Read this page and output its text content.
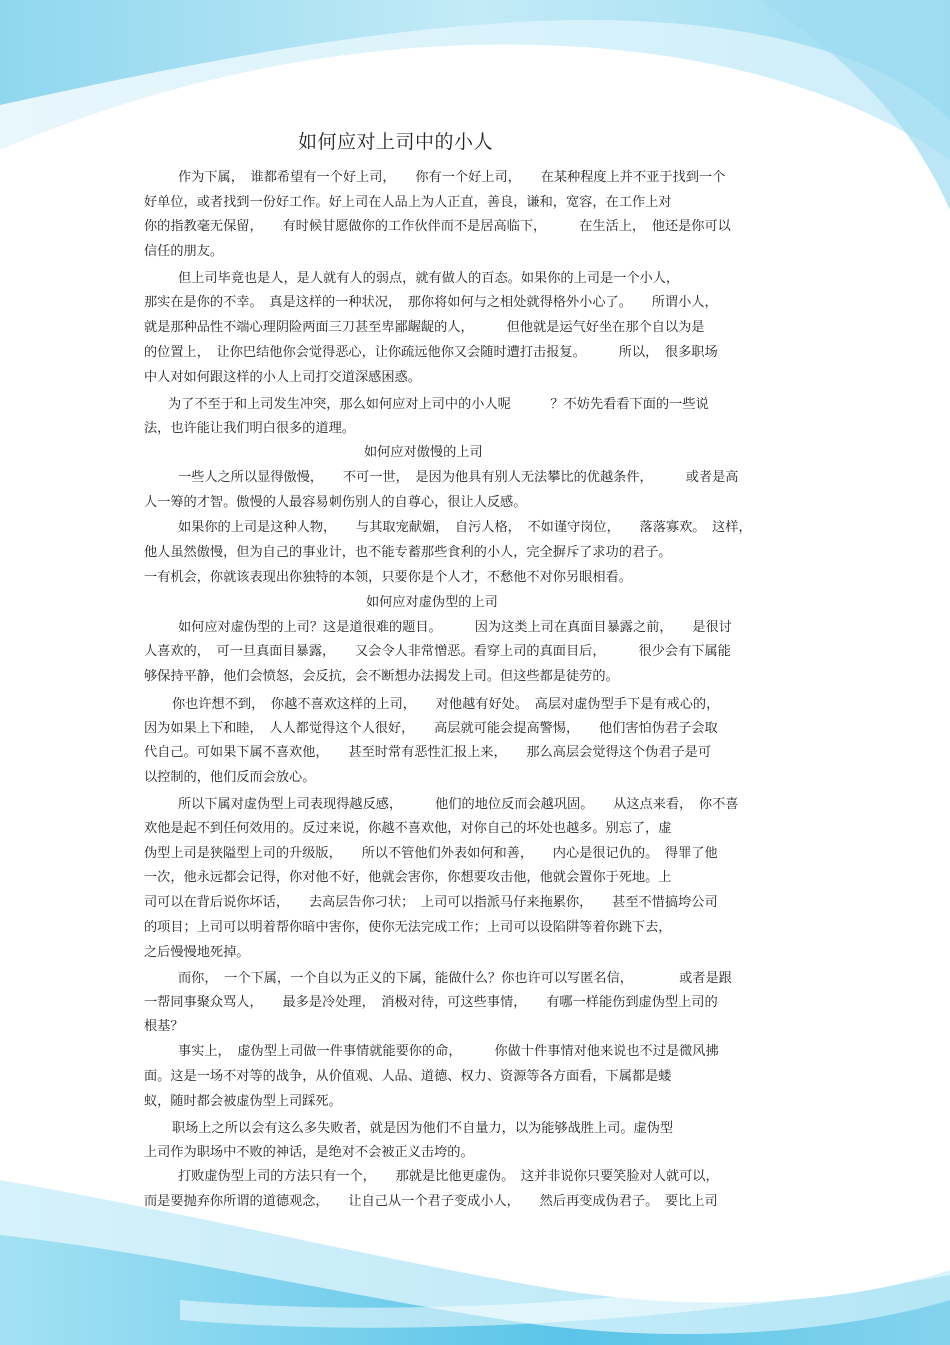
如何应对上司中的小人
作为下属，　谁都希望有一个好上司，　　你有一个好上司，　　在某种程度上并不亚于找到一个
好单位，或者找到一份好工作。好上司在人品上为人正直，善良，谦和，宽容，在工作上对
你的指教毫无保留，　　有时候甘愿做你的工作伙伴而不是居高临下，　　　在生活上，　他还是你可以
信任的朋友。
但上司毕竟也是人，是人就有人的弱点，就有做人的百态。如果你的上司是一个小人，
那实在是你的不幸。　真是这样的一种状况，　那你将如何与之相处就得格外小心了。　　所谓小人，
就是那种品性不端心理阴险两面三刀甚至卑鄙龌龊的人，　　　但他就是运气好坐在那个自以为是
的位置上，　让你巴结他你会觉得恶心，让你疏远他你又会随时遭打击报复。　　　所以，　很多职场
中人对如何跟这样的小人上司打交道深感困惑。
为了不至于和上司发生冲突，那么如何应对上司中的小人呢　　　？不妨先看看下面的一些说
法，也许能让我们明白很多的道理。
如何应对傲慢的上司
一些人之所以显得傲慢，　　不可一世，　是因为他具有别人无法攀比的优越条件，　　　或者是高
人一筹的才智。傲慢的人最容易刺伤别人的自尊心，很让人反感。
如果你的上司是这种人物，　　与其取宠献媚，　自污人格，　不如谨守岗位，　　落落寡欢。　这样，
他人虽然傲慢，但为自己的事业计，也不能专蓄那些食利的小人，完全摒斥了求功的君子。
一有机会，你就该表现出你独特的本领，只要你是个人才，不愁他不对你另眼相看。
如何应对虚伪型的上司
如何应对虚伪型的上司？这是道很难的题目。　　　因为这类上司在真面目暴露之前，　　是很讨
人喜欢的，　可一旦真面目暴露，　　又会令人非常憎恶。看穿上司的真面目后，　　　很少会有下属能
够保持平静，他们会愤怒，会反抗，会不断想办法揭发上司。但这些都是徒劳的。
你也许想不到，　你越不喜欢这样的上司，　　对他越有好处。　高层对虚伪型手下是有戒心的，
因为如果上下和睦，　人人都觉得这个人很好，　　高层就可能会提高警惕，　　他们害怕伪君子会取
代自己。可如果下属不喜欢他，　　甚至时常有恶性汇报上来，　　那么高层会觉得这个伪君子是可
以控制的，他们反而会放心。
所以下属对虚伪型上司表现得越反感，　　　他们的地位反而会越巩固。　　从这点来看，　你不喜
欢他是起不到任何效用的。反过来说，你越不喜欢他，对你自己的坏处也越多。别忘了，虚
伪型上司是狭隘型上司的升级版，　　所以不管他们外表如何和善，　　内心是很记仇的。　得罪了他
一次，他永远都会记得，你对他不好，他就会害你，你想要攻击他，他就会置你于死地。上
司可以在背后说你坏话，　　去高层告你刁状；　上司可以指派马仔来拖累你，　　甚至不惜搞垮公司
的项目；上司可以明着帮你暗中害你，使你无法完成工作；上司可以设陷阱等着你跳下去，
之后慢慢地死掉。
而你，　一个下属，一个自以为正义的下属，能做什么？你也许可以写匿名信，　　　　或者是跟
一帮同事聚众骂人，　　最多是冷处理，　消极对待，可这些事情，　　有哪一样能伤到虚伪型上司的
根基？
事实上，　虚伪型上司做一件事情就能要你的命，　　　你做十件事情对他来说也不过是微风拂
面。这是一场不对等的战争，从价值观、人品、道德、权力、资源等各方面看，下属都是蝼
蚁，随时都会被虚伪型上司踩死。
职场上之所以会有这么多失败者，就是因为他们不自量力，以为能够战胜上司。虚伪型
上司作为职场中不败的神话，是绝对不会被正义击垮的。
打败虚伪型上司的方法只有一个，　　那就是比他更虚伪。　这并非说你只要笑脸对人就可以，
而是要抛弃你所谓的道德观念，　　让自己从一个君子变成小人，　　然后再变成伪君子。　要比上司
